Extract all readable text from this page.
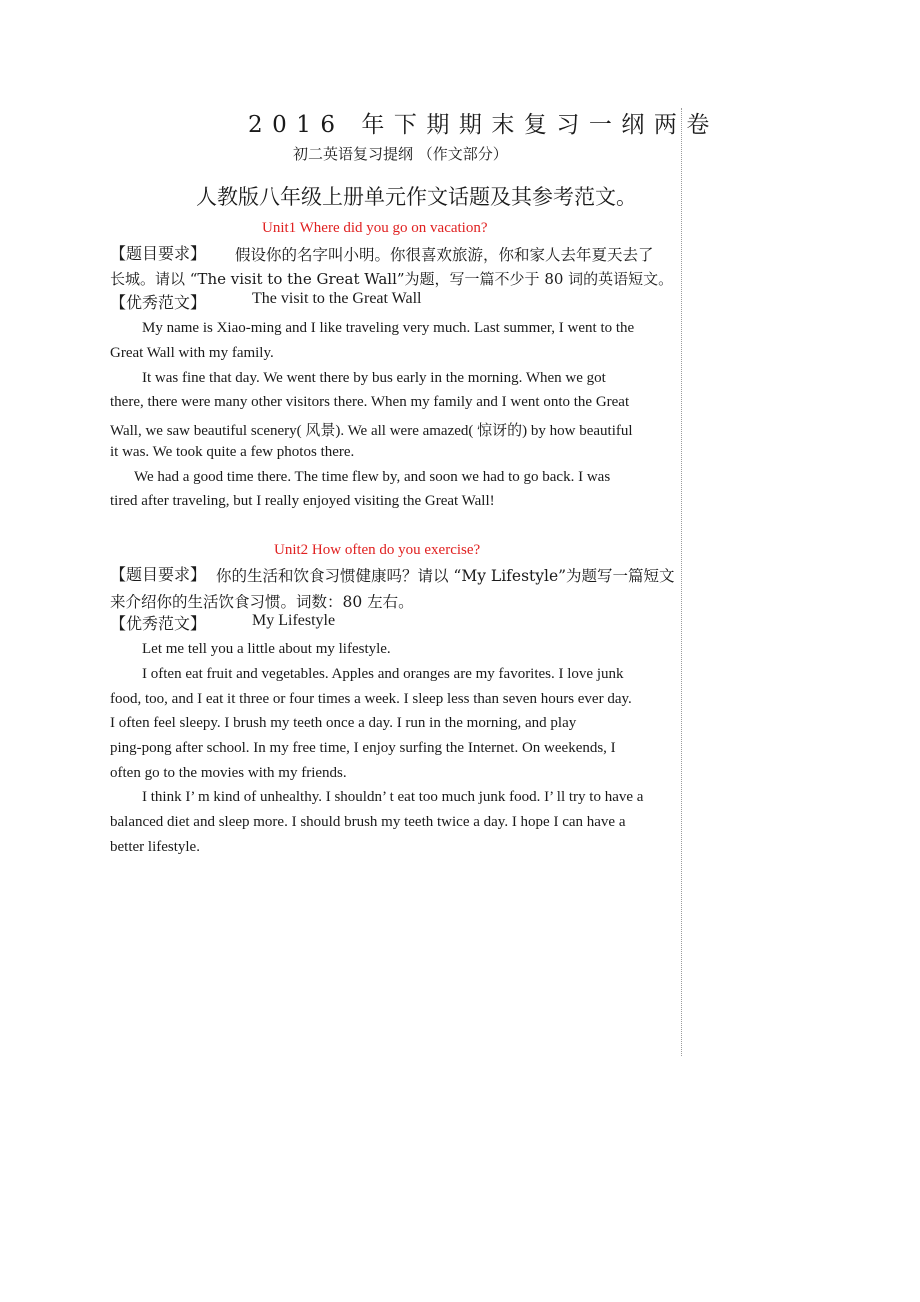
2016 年下期期末复习一纲两卷
初二英语复习提纲 （作文部分）
人教版八年级上册单元作文话题及其参考范文。
Unit1 Where did you go on vacation?
【题目要求】 假设你的名字叫小明。你很喜欢旅游，你和家人去年夏天去了
长城。请以 “The visit to the Great Wall”为题，写一篇不少于 80 词的英语短文。
【优秀范文】	The visit to the Great Wall
My name is Xiao-ming and I like traveling very much. Last summer, I went to the
Great Wall with my family.
It was fine that day. We went there by bus early in the morning. When we got
there, there were many other visitors there. When my family and I went onto the Great
Wall, we saw beautiful scenery( 风景). We all were amazed( 惊讶的) by how beautiful
it was. We took quite a few photos there.
We had a good time there. The time flew by, and soon we had to go back. I was
tired after traveling, but I really enjoyed visiting the Great Wall!
Unit2 How often do you exercise?
【题目要求】 你的生活和饮食习惯健康吗？请以 “My Lifestyle”为题写一篇短文
来介绍你的生活饮食习惯。词数：80 左右。
【优秀范文】	My Lifestyle
Let me tell you a little about my lifestyle.
I often eat fruit and vegetables. Apples and oranges are my favorites. I love junk
food, too, and I eat it three or four times a week. I sleep less than seven hours ever day.
I often feel sleepy. I brush my teeth once a day. I run in the morning, and play
ping-pong after school. In my free time, I enjoy surfing the Internet. On weekends, I
often go to the movies with my friends.
I think I’ m kind of unhealthy. I shouldn’ t eat too much junk food. I’ ll try to have a
balanced diet and sleep more. I should brush my teeth twice a day. I hope I can have a
better lifestyle.
